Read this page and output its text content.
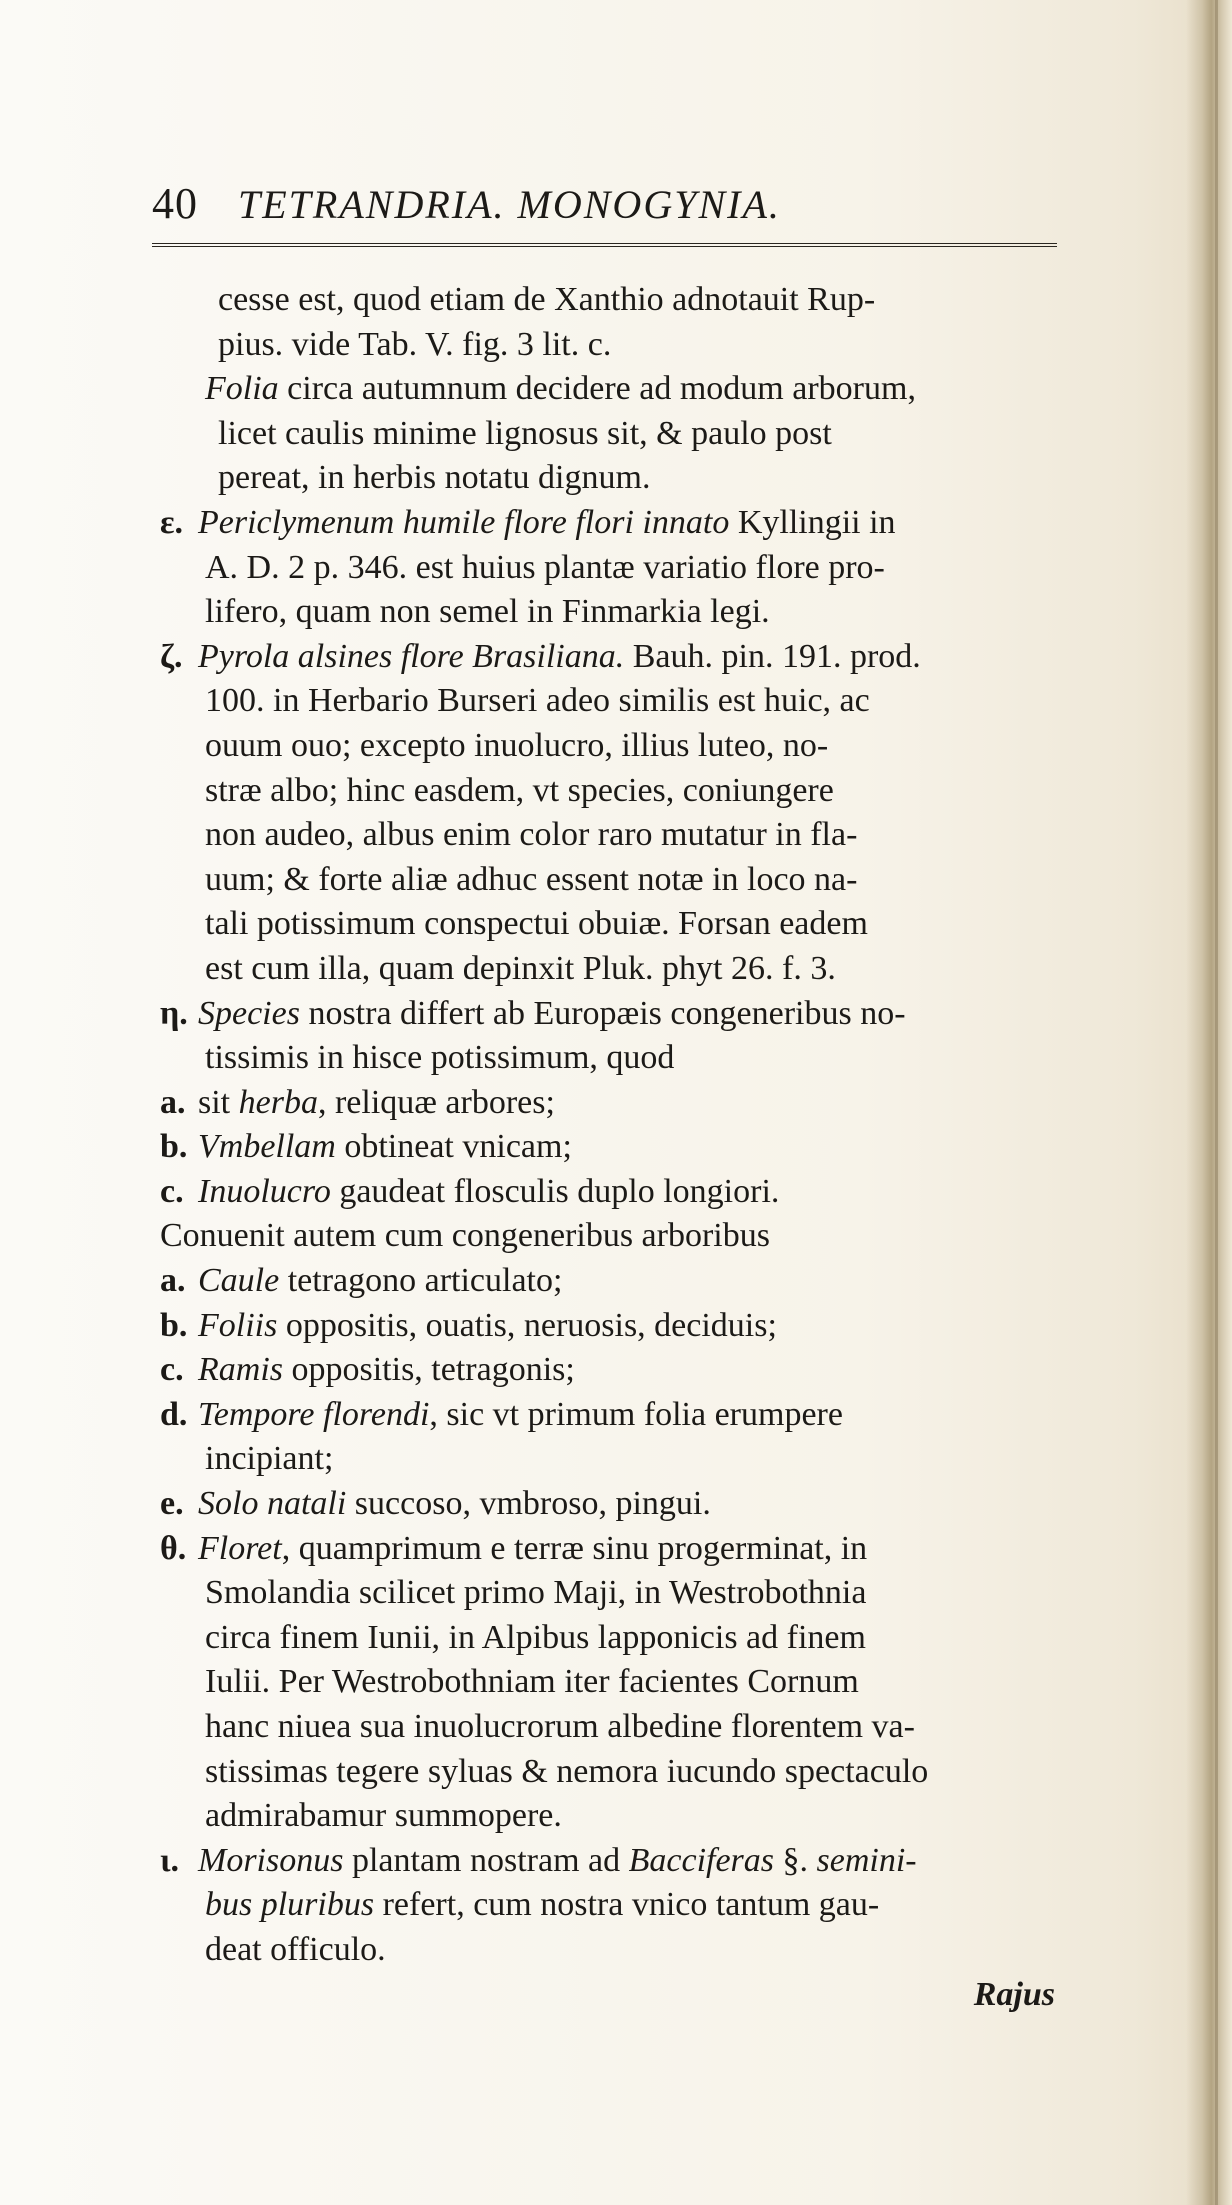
40 TETRANDRIA. MONOGYNIA.
cesse est, quod etiam de Xanthio adnotauit Rup-
pius. vide Tab. V. fig. 3 lit. c.
Folia circa autumnum decidere ad modum arborum,
licet caulis minime lignosus sit, & paulo post
pereat, in herbis notatu dignum.
ε. Periclymenum humile flore flori innato Kyllingii in
A. D. 2 p. 346. est huius plantæ variatio flore pro-
lifero, quam non semel in Finmarkia legi.
ζ. Pyrola alsines flore Brasiliana. Bauh. pin. 191. prod.
100. in Herbario Burseri adeo similis est huic, ac
ouum ouo; excepto inuolucro, illius luteo, no-
stræ albo; hinc easdem, vt species, coniungere
non audeo, albus enim color raro mutatur in fla-
uum; & forte aliæ adhuc essent notæ in loco na-
tali potissimum conspectui obuiæ. Forsan eadem
est cum illa, quam depinxit Pluk. phyt 26. f. 3.
η. Species nostra differt ab Europæis congeneribus no-
tissimis in hisce potissimum, quod
a. sit herba, reliquæ arbores;
b. Vmbellam obtineat vnicam;
c. Inuolucro gaudeat flosculis duplo longiori.
Conuenit autem cum congeneribus arboribus
a. Caule tetragono articulato;
b. Foliis oppositis, ouatis, neruosis, deciduis;
c. Ramis oppositis, tetragonis;
d. Tempore florendi, sic vt primum folia erumpere
incipiant;
e. Solo natali succoso, vmbroso, pingui.
θ. Floret, quamprimum e terræ sinu progerminat, in
Smolandia scilicet primo Maji, in Westrobothnia
circa finem Iunii, in Alpibus lapponicis ad finem
Iulii. Per Westrobothniam iter facientes Cornum
hanc niuea sua inuolucrorum albedine florentem va-
stissimas tegere syluas & nemora iucundo spectaculo
admirabamur summopere.
ι. Morisonus plantam nostram ad Bacciferas §. semini-
bus pluribus refert, cum nostra vnico tantum gau-
deat officulo.
Rajus
